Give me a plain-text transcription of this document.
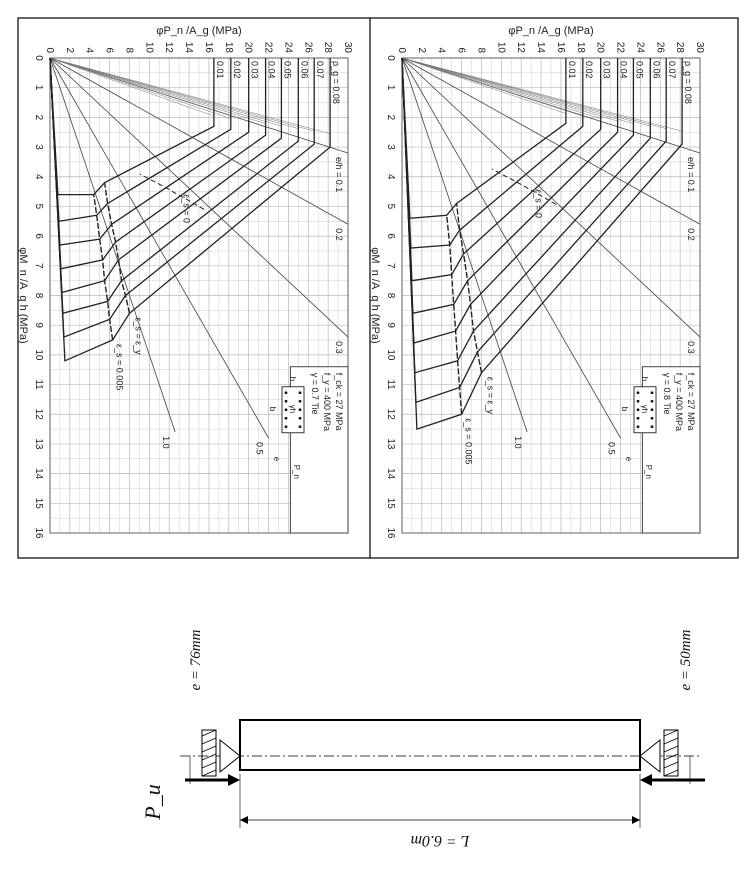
0
1
2
3
4
5
6
7
8
9
10
11
12
13
14
15
16
0 2 4 6 8 10 12 14 16 18 20 22 24 26 28 30
φM_n /A_g h (MPa)
φP_n /A_g (MPa)
e/h = 0.1
0.2
0.3
0.5
1.0
ρ_g = 0.08
0.07
0.06
0.05
0.04
0.03
0.02
0.01
ε_s = 0
ε_s = ε_y
ε_s = 0.005
f_ck = 27 MPa
f_y = 400 MPa
γ = 0.7 Tie
h
γh
b
P_n
e
0
1
2
3
4
5
6
7
8
9
10
11
12
13
14
15
16
0 2 4 6 8 10 12 14 16 18 20 22 24 26 28 30
φM_n /A_g h (MPa)
φP_n /A_g (MPa)
e/h = 0.1
0.2
0.3
0.5
1.0
ρ_g = 0.08
0.07
0.06
0.05
0.04
0.03
0.02
0.01
ε_s = 0
ε_s = ε_y
ε_s = 0.005
f_ck = 27 MPa
f_y = 400 MPa
γ = 0.8 Tie
h
γh
b
P_n
e
P_u
e = 76mm	e = 50mm
L = 6.0m
